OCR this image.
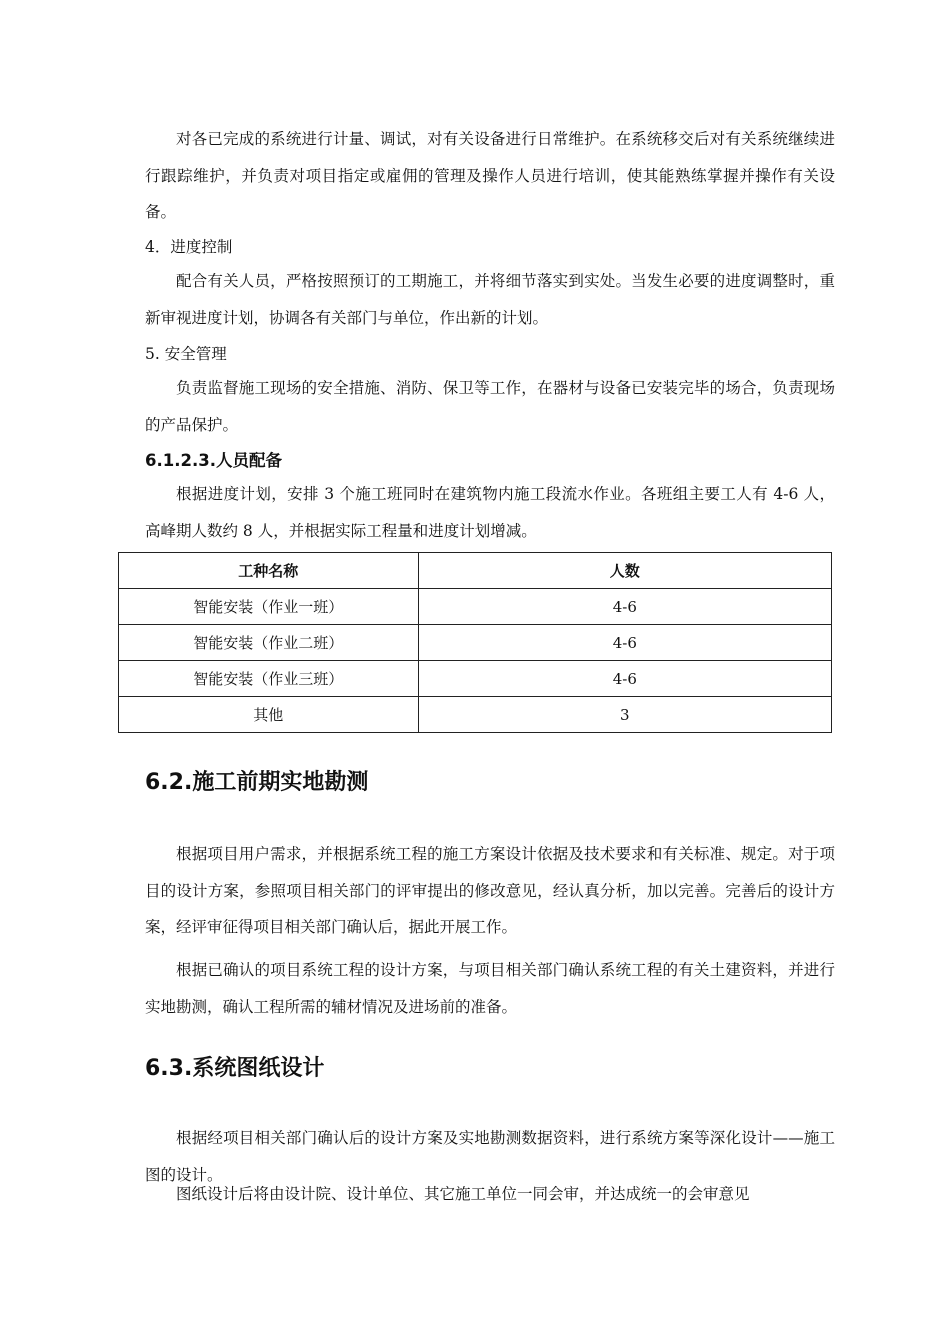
对各已完成的系统进行计量、调试，对有关设备进行日常维护。在系统移交后对有关系统继续进行跟踪维护，并负责对项目指定或雇佣的管理及操作人员进行培训，使其能熟练掌握并操作有关设备。

4．进度控制

配合有关人员，严格按照预订的工期施工，并将细节落实到实处。当发生必要的进度调整时，重新审视进度计划，协调各有关部门与单位，作出新的计划。

5. 安全管理

负责监督施工现场的安全措施、消防、保卫等工作，在器材与设备已安装完毕的场合，负责现场的产品保护。

6.1.2.3.人员配备

根据进度计划，安排 3 个施工班同时在建筑物内施工段流水作业。各班组主要工人有 4-6 人，高峰期人数约 8 人，并根据实际工程量和进度计划增减。

工种名称	人数
智能安装（作业一班）	4-6
智能安装（作业二班）	4-6
智能安装（作业三班）	4-6
其他	3

6.2.施工前期实地勘测

根据项目用户需求，并根据系统工程的施工方案设计依据及技术要求和有关标准、规定。对于项目的设计方案，参照项目相关部门的评审提出的修改意见，经认真分析，加以完善。完善后的设计方案，经评审征得项目相关部门确认后，据此开展工作。

根据已确认的项目系统工程的设计方案，与项目相关部门确认系统工程的有关土建资料，并进行实地勘测，确认工程所需的辅材情况及进场前的准备。

6.3.系统图纸设计

根据经项目相关部门确认后的设计方案及实地勘测数据资料，进行系统方案等深化设计——施工图的设计。

图纸设计后将由设计院、设计单位、其它施工单位一同会审，并达成统一的会审意见
